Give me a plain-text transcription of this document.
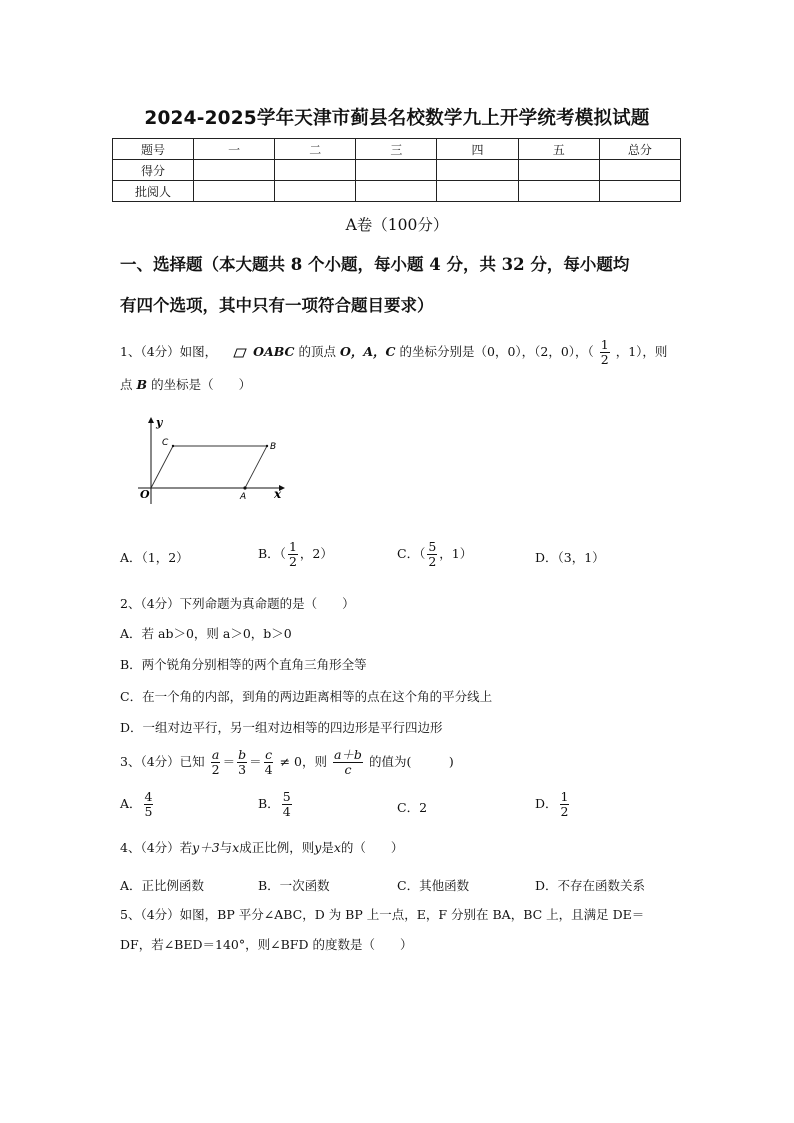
2024-2025学年天津市蓟县名校数学九上开学统考模拟试题
题号	一	二	三	四	五	总分
得分						
批阅人						
A卷（100分）
一、选择题（本大题共 8 个小题，每小题 4 分，共 32 分，每小题均
有四个选项，其中只有一项符合题目要求）
1、（4分）如图，	OABC 的顶点 O，A，C 的坐标分别是（0，0），（2，0），（ $\frac{1}{2}$ ，1），则
点 B 的坐标是（　　）
y
x
O	A
B
C
A．（1，2）	B．（ $\frac{1}{2}$ ，2）	C．（ $\frac{5}{2}$ ，1）	D．（3，1）
2、（4分）下列命题为真命题的是（　　）
A．若 ab＞0，则 a＞0，b＞0
B．两个锐角分别相等的两个直角三角形全等
C．在一个角的内部，到角的两边距离相等的点在这个角的平分线上
D．一组对边平行，另一组对边相等的四边形是平行四边形
3、（4分）已知 $\frac{a}{2} = \frac{b}{3} = \frac{c}{4} \ne 0$，则 $\frac{a+b}{c}$ 的值为(　　　)
A． $\frac{4}{5}$	B． $\frac{5}{4}$	C．2	D． $\frac{1}{2}$
4、（4分）若y＋3与x成正比例，则y是x的（　　）
A．正比例函数	B．一次函数	C．其他函数	D．不存在函数关系
5、（4分）如图，BP 平分∠ABC，D 为 BP 上一点，E，F 分别在 BA，BC 上，且满足 DE＝
DF，若∠BED＝140°，则∠BFD 的度数是（　　）
